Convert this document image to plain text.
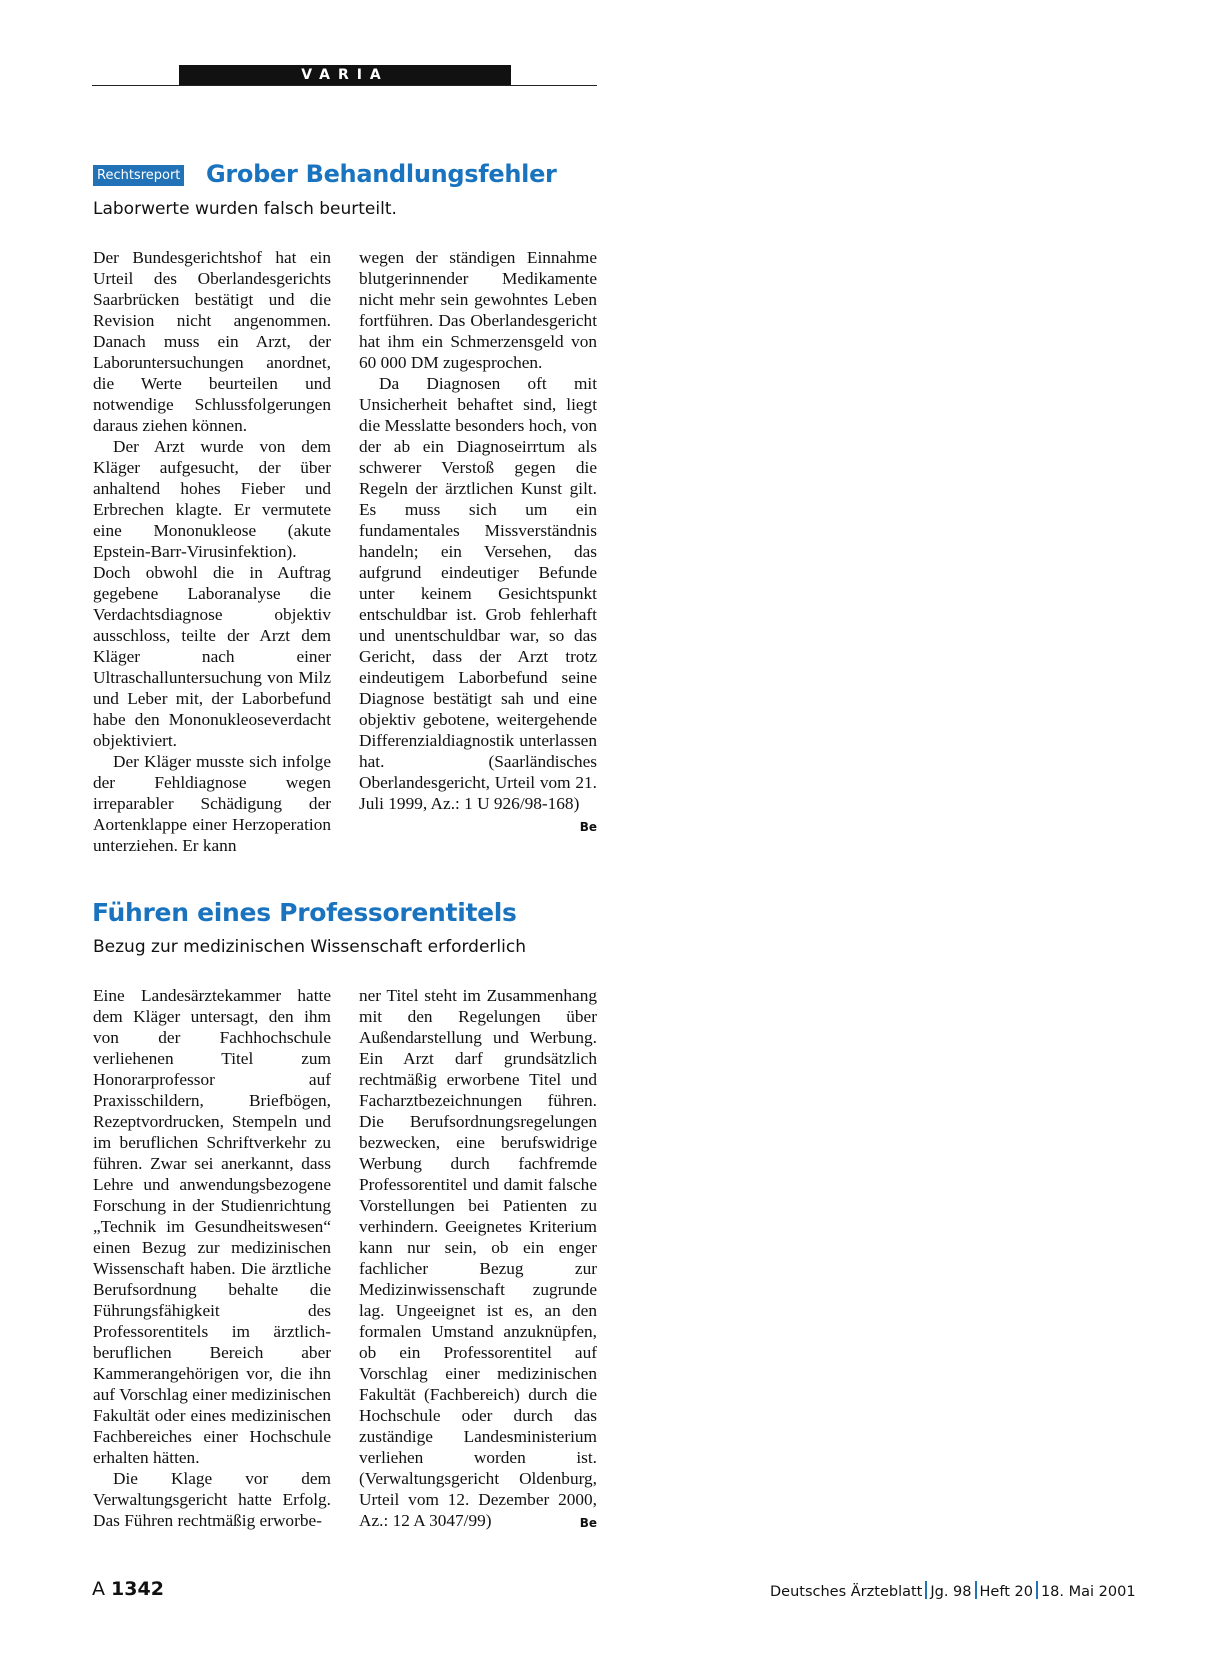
VARIA
Rechtsreport Grober Behandlungsfehler
Laborwerte wurden falsch beurteilt.

Der Bundesgerichtshof hat ein Urteil des Oberlandesgerichts Saarbrücken bestätigt und die Revision nicht angenommen. Danach muss ein Arzt, der Laboruntersuchungen anordnet, die Werte beurteilen und notwendige Schlussfolgerungen daraus ziehen können.

Der Arzt wurde von dem Kläger aufgesucht, der über anhaltend hohes Fieber und Erbrechen klagte. Er vermutete eine Mononukleose (akute Epstein-Barr-Virusinfektion). Doch obwohl die in Auftrag gegebene Laboranalyse die Verdachtsdiagnose objektiv ausschloss, teilte der Arzt dem Kläger nach einer Ultraschalluntersuchung von Milz und Leber mit, der Laborbefund habe den Mononukleoseverdacht objektiviert.

Der Kläger musste sich infolge der Fehldiagnose wegen irreparabler Schädigung der Aortenklappe einer Herzoperation unterziehen. Er kann

wegen der ständigen Einnahme blutgerinnender Medikamente nicht mehr sein gewohntes Leben fortführen. Das Oberlandesgericht hat ihm ein Schmerzensgeld von 60 000 DM zugesprochen.

Da Diagnosen oft mit Unsicherheit behaftet sind, liegt die Messlatte besonders hoch, von der ab ein Diagnoseirrtum als schwerer Verstoß gegen die Regeln der ärztlichen Kunst gilt. Es muss sich um ein fundamentales Missverständnis handeln; ein Versehen, das aufgrund eindeutiger Befunde unter keinem Gesichtspunkt entschuldbar ist. Grob fehlerhaft und unentschuldbar war, so das Gericht, dass der Arzt trotz eindeutigem Laborbefund seine Diagnose bestätigt sah und eine objektiv gebotene, weitergehende Differenzialdiagnostik unterlassen hat. (Saarländisches Oberlandesgericht, Urteil vom 21. Juli 1999, Az.: 1 U 926/98-168)
Be

Führen eines Professorentitels
Bezug zur medizinischen Wissenschaft erforderlich

Eine Landesärztekammer hatte dem Kläger untersagt, den ihm von der Fachhochschule verliehenen Titel zum Honorarprofessor auf Praxisschildern, Briefbögen, Rezeptvordrucken, Stempeln und im beruflichen Schriftverkehr zu führen. Zwar sei anerkannt, dass Lehre und anwendungsbezogene Forschung in der Studienrichtung „Technik im Gesundheitswesen“ einen Bezug zur medizinischen Wissenschaft haben. Die ärztliche Berufsordnung behalte die Führungsfähigkeit des Professorentitels im ärztlich-beruflichen Bereich aber Kammerangehörigen vor, die ihn auf Vorschlag einer medizinischen Fakultät oder eines medizinischen Fachbereiches einer Hochschule erhalten hätten.

Die Klage vor dem Verwaltungsgericht hatte Erfolg. Das Führen rechtmäßig erworbe-

ner Titel steht im Zusammenhang mit den Regelungen über Außendarstellung und Werbung. Ein Arzt darf grundsätzlich rechtmäßig erworbene Titel und Facharztbezeichnungen führen. Die Berufsordnungsregelungen bezwecken, eine berufswidrige Werbung durch fachfremde Professorentitel und damit falsche Vorstellungen bei Patienten zu verhindern. Geeignetes Kriterium kann nur sein, ob ein enger fachlicher Bezug zur Medizinwissenschaft zugrunde lag. Ungeeignet ist es, an den formalen Umstand anzuknüpfen, ob ein Professorentitel auf Vorschlag einer medizinischen Fakultät (Fachbereich) durch die Hochschule oder durch das zuständige Landesministerium verliehen worden ist. (Verwaltungsgericht Oldenburg, Urteil vom 12. Dezember 2000, Az.: 12 A 3047/99)	Be

A 1342	Deutsches Ärzteblatt Jg. 98 Heft 20 18. Mai 2001
